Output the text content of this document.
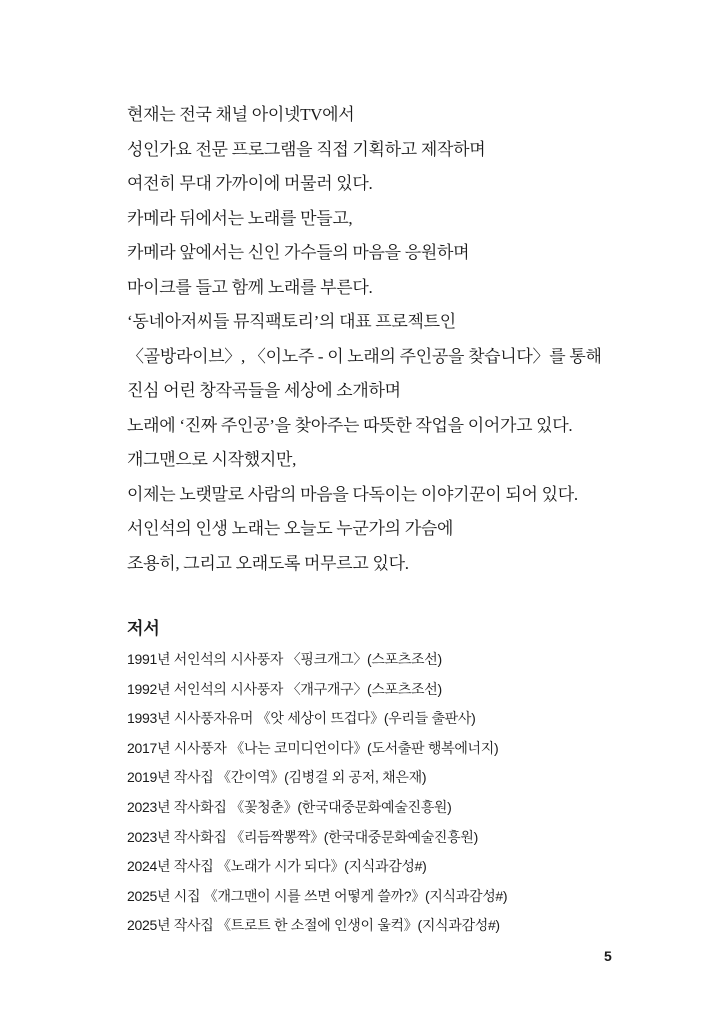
현재는 전국 채널 아이넷TV에서
성인가요 전문 프로그램을 직접 기획하고 제작하며
여전히 무대 가까이에 머물러 있다.
카메라 뒤에서는 노래를 만들고,
카메라 앞에서는 신인 가수들의 마음을 응원하며
마이크를 들고 함께 노래를 부른다.
‘동네아저씨들 뮤직팩토리’의 대표 프로젝트인
〈골방라이브〉, 〈이노주 - 이 노래의 주인공을 찾습니다〉를 통해
진심 어린 창작곡들을 세상에 소개하며
노래에 ‘진짜 주인공’을 찾아주는 따뜻한 작업을 이어가고 있다.
개그맨으로 시작했지만,
이제는 노랫말로 사람의 마음을 다독이는 이야기꾼이 되어 있다.
서인석의 인생 노래는 오늘도 누군가의 가슴에
조용히, 그리고 오래도록 머무르고 있다.
저서
1991년 서인석의 시사풍자 〈핑크개그〉(스포츠조선)
1992년 서인석의 시사풍자 〈개구개구〉(스포츠조선)
1993년 시사풍자유머 《앗 세상이 뜨겁다》(우리들 출판사)
2017년 시사풍자 《나는 코미디언이다》(도서출판 행복에너지)
2019년 작사집 《간이역》(김병걸 외 공저, 채은재)
2023년 작사화집 《꽃청춘》(한국대중문화예술진흥원)
2023년 작사화집 《리듬짝뽕짝》(한국대중문화예술진흥원)
2024년 작사집 《노래가 시가 되다》(지식과감성#)
2025년 시집 《개그맨이 시를 쓰면 어떻게 쓸까?》(지식과감성#)
2025년 작사집 《트로트 한 소절에 인생이 울컥》(지식과감성#)
5
